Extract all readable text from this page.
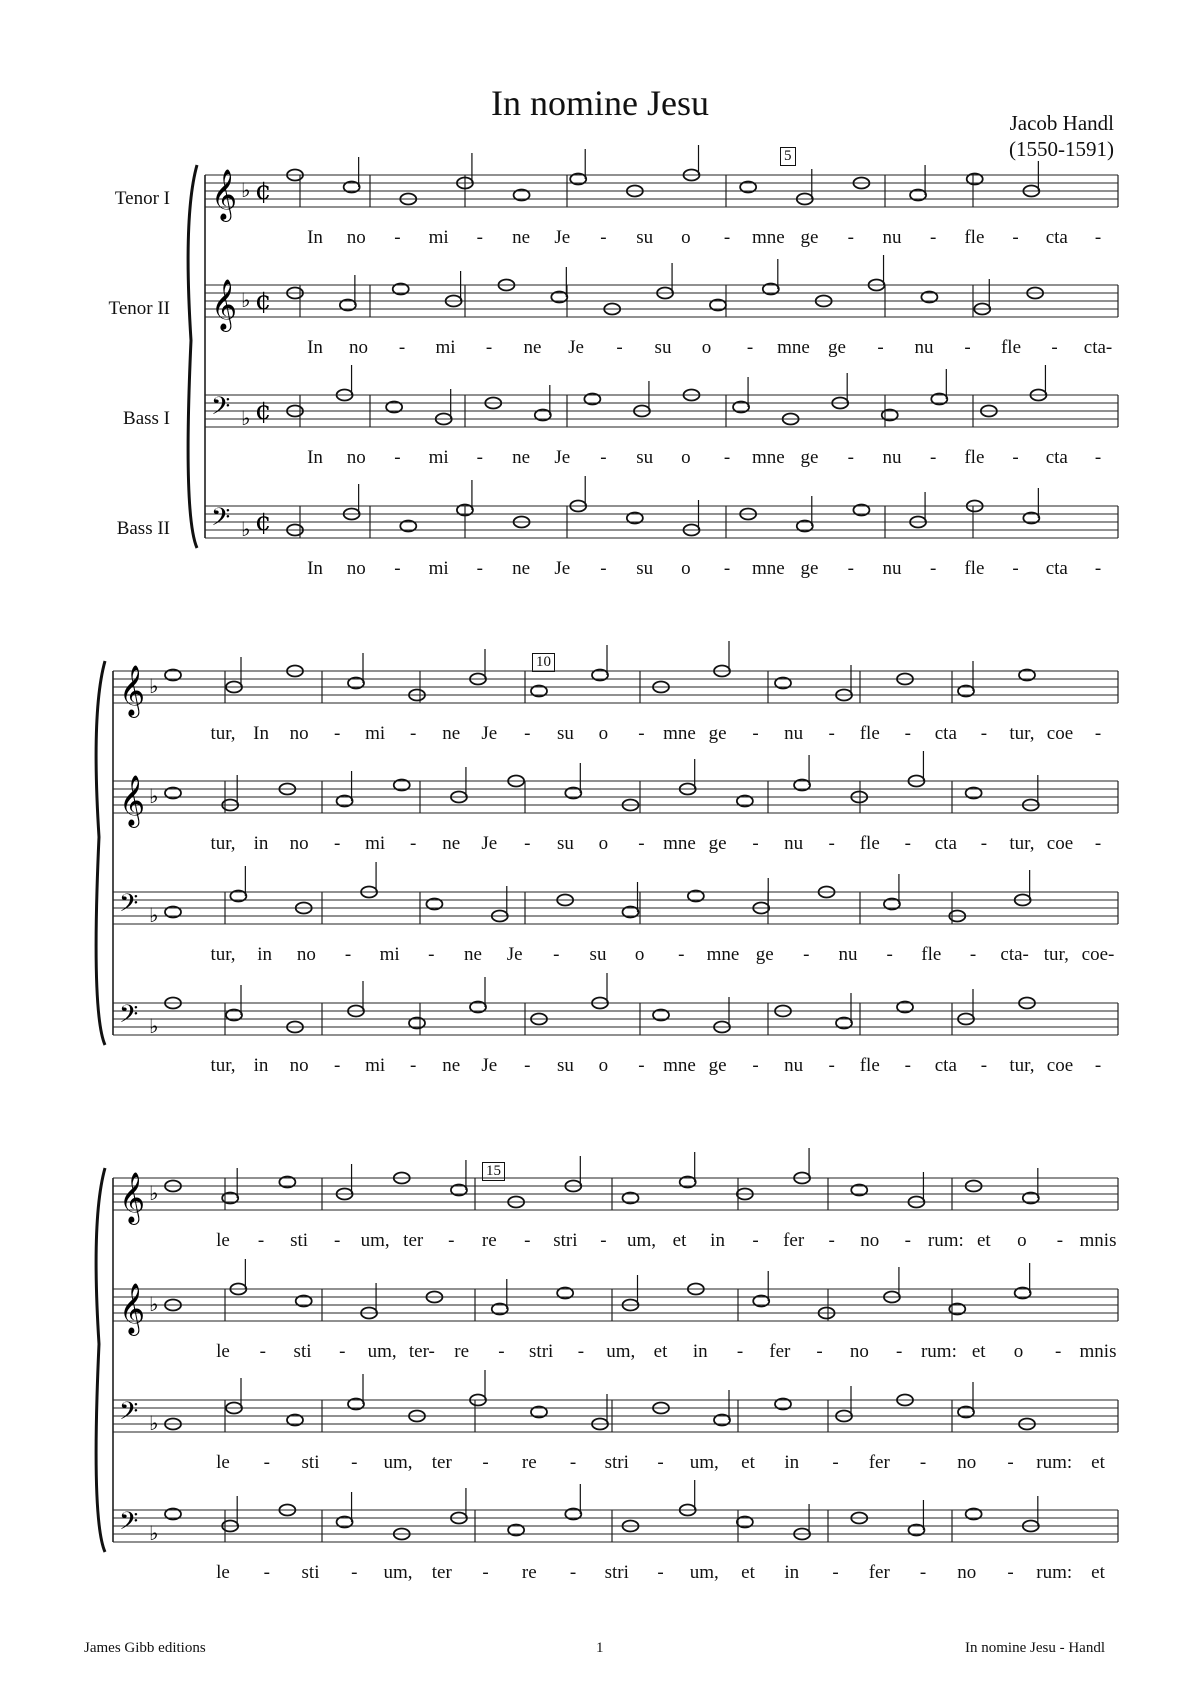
In nomine Jesu	Jacob Handl
(1550-1591)
Tenor I
Tenor II
Bass I
Bass II
5
10
15
𝄞 ♭ ¢
𝄞 ♭ ¢
𝄢 ♭ ¢
𝄢 ♭ ¢
𝄞 ♭
𝄞 ♭
𝄢 ♭
𝄢 ♭
𝄞 ♭
𝄞 ♭
𝄢 ♭
𝄢 ♭
In no - mi - ne Je - su o - mne ge - nu - fle - cta -
In no - mi - ne Je - su o - mne ge - nu - fle - cta-
In no - mi - ne Je - su o - mne ge - nu - fle - cta -
In no - mi - ne Je - su o - mne ge - nu - fle - cta -
tur, In no - mi - ne Je - su o - mne ge - nu - fle - cta - tur, coe -
tur, in no - mi - ne Je - su o - mne ge - nu - fle - cta - tur, coe -
tur, in no - mi - ne Je - su o - mne ge - nu - fle - cta- tur, coe-
tur, in no - mi - ne Je - su o - mne ge - nu - fle - cta - tur, coe -
le - sti - um, ter - re - stri - um, et in - fer - no - rum: et o - mnis
le - sti - um, ter- re - stri - um, et in - fer - no - rum: et o - mnis
le - sti - um, ter - re - stri - um, et in - fer - no - rum: et
le - sti - um, ter - re - stri - um, et in - fer - no - rum: et
James Gibb editions	1	In nomine Jesu - Handl
